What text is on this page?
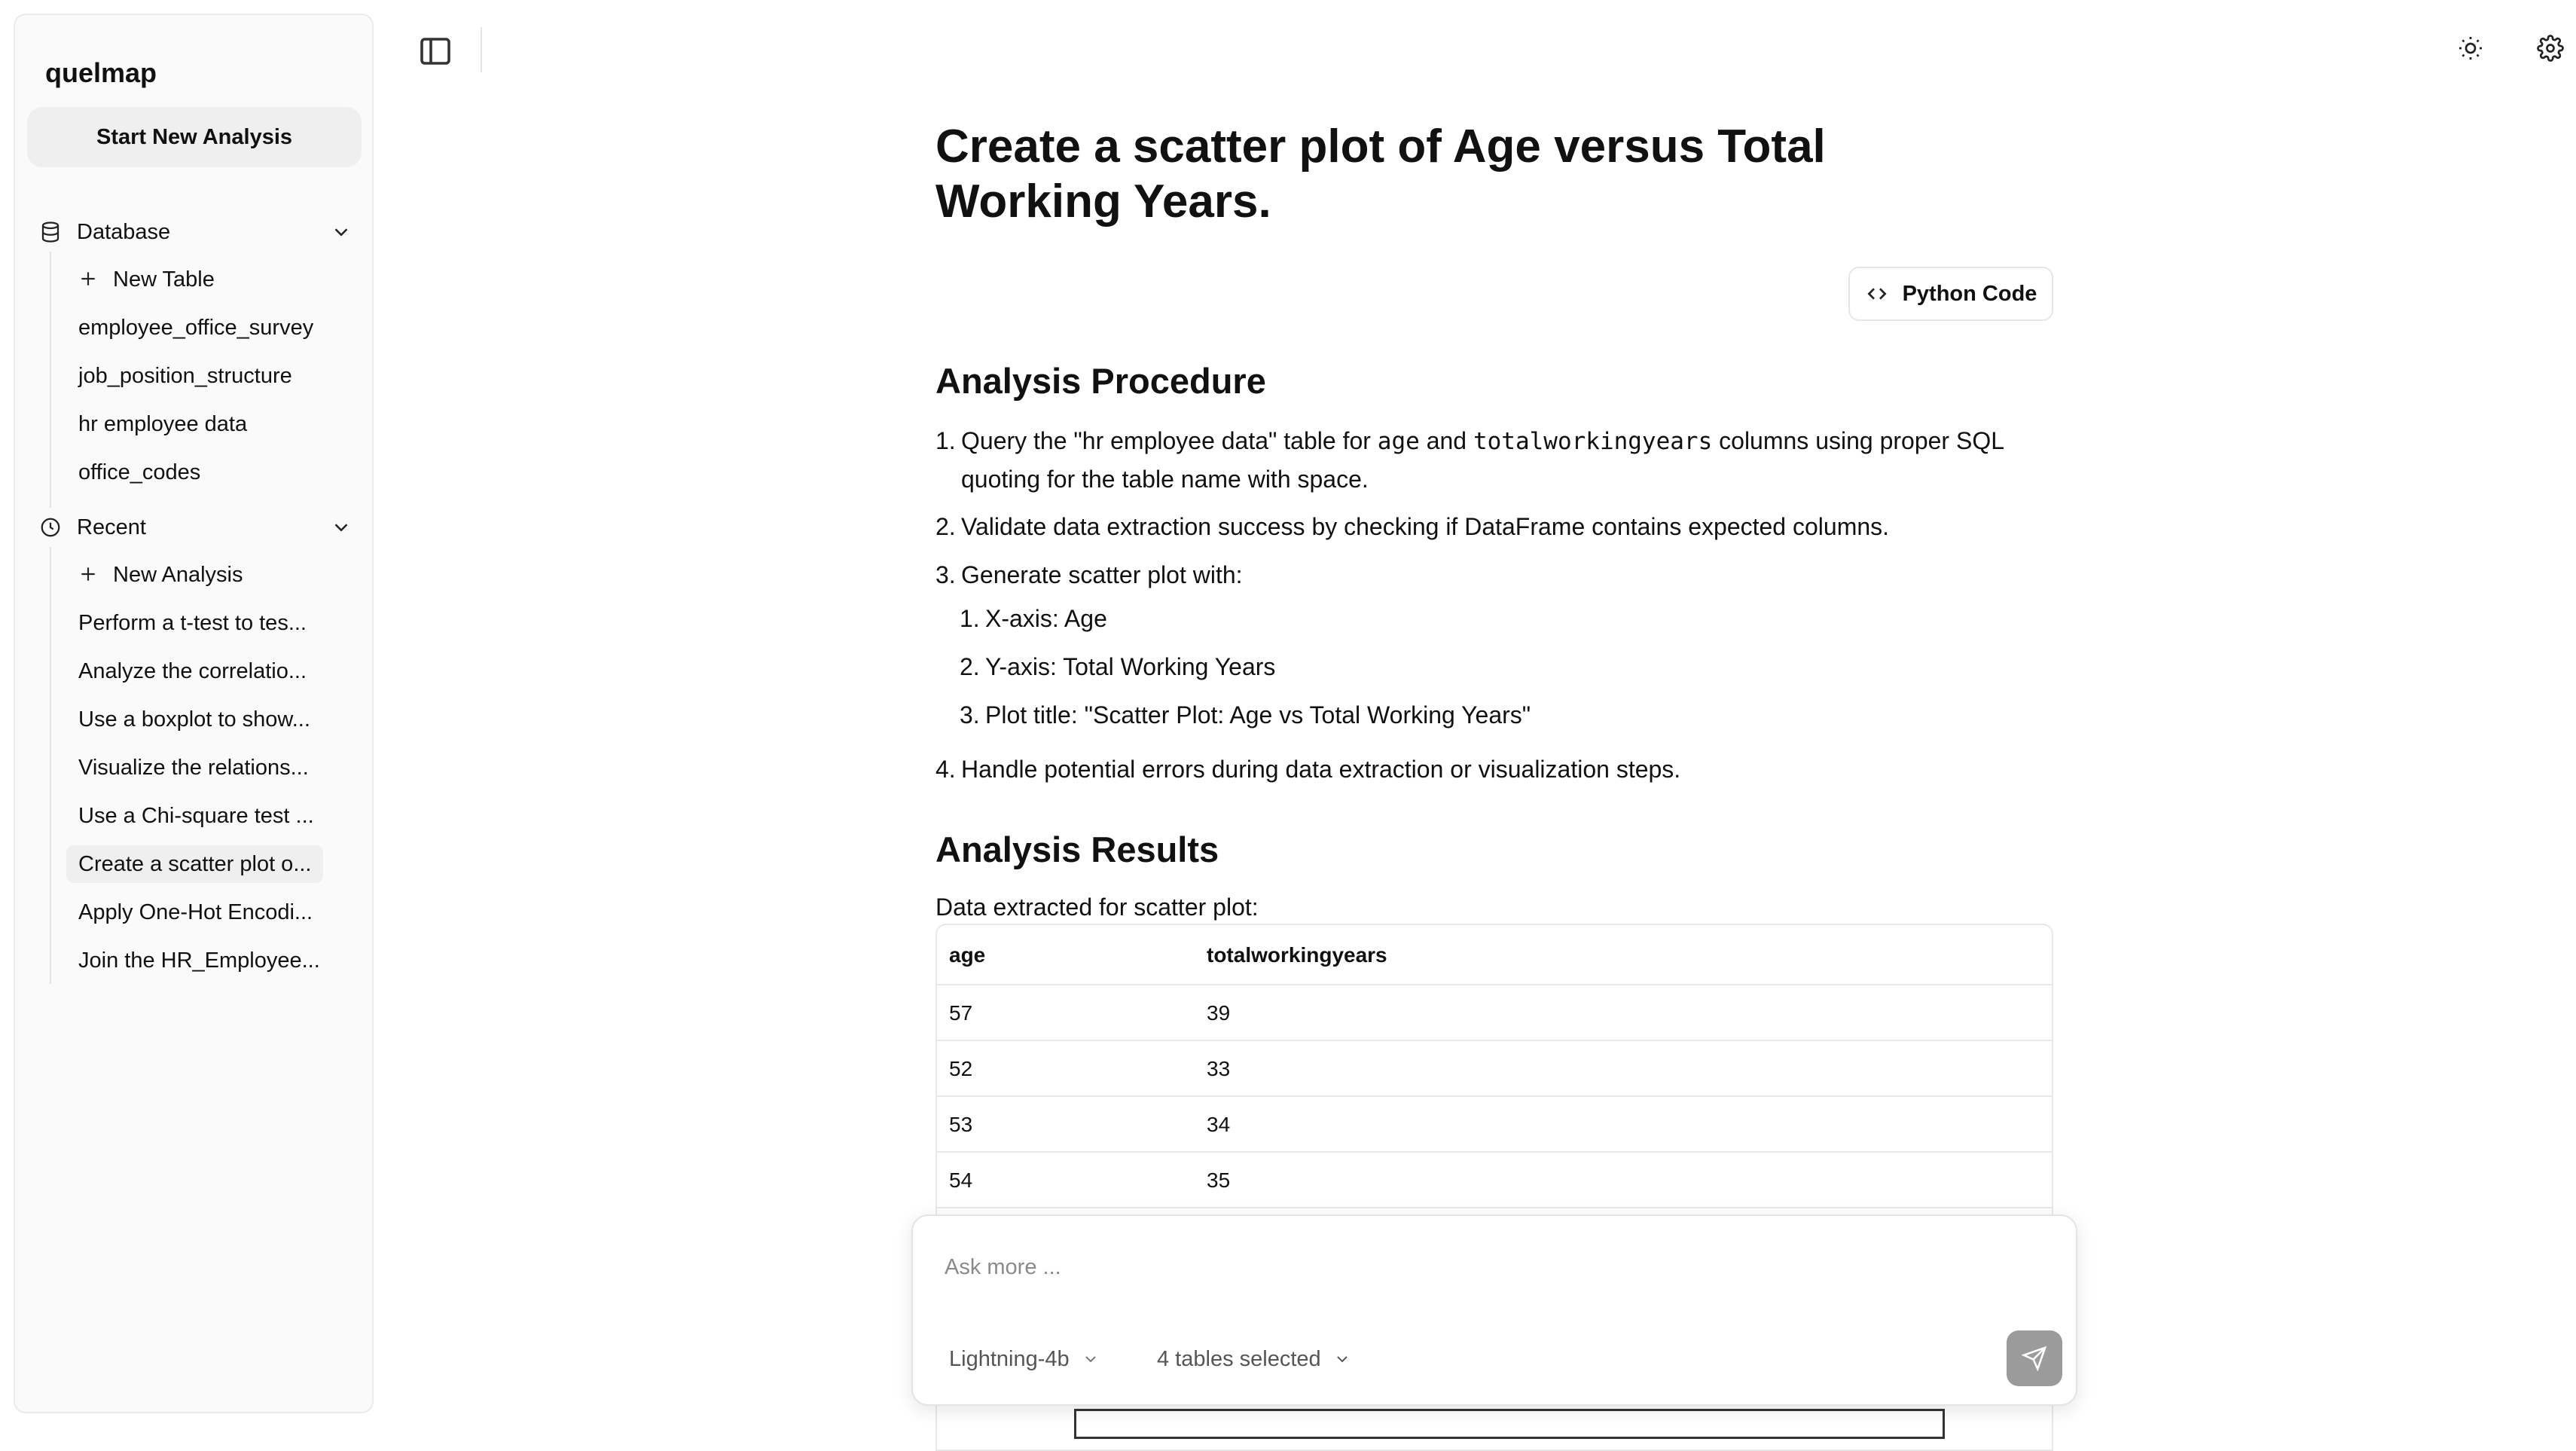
quelmap
Start New Analysis
Database
New Table
employee_office_survey
job_position_structure
hr employee data
office_codes
Recent
New Analysis
Perform a t-test to tes...
Analyze the correlatio...
Use a boxplot to show...
Visualize the relations...
Use a Chi-square test ...
Create a scatter plot o...
Apply One-Hot Encodi...
Join the HR_Employee...
Create a scatter plot of Age versus Total Working Years.
Python Code
Analysis Procedure
1. Query the "hr employee data" table for age and totalworkingyears columns using proper SQL
quoting for the table name with space.
2. Validate data extraction success by checking if DataFrame contains expected columns.
3. Generate scatter plot with:
1. X-axis: Age
2. Y-axis: Total Working Years
3. Plot title: "Scatter Plot: Age vs Total Working Years"
4. Handle potential errors during data extraction or visualization steps.
Analysis Results
Data extracted for scatter plot:
age	totalworkingyears
57	39
52	33
53	34
54	35
Ask more ...
Lightning-4b	4 tables selected
